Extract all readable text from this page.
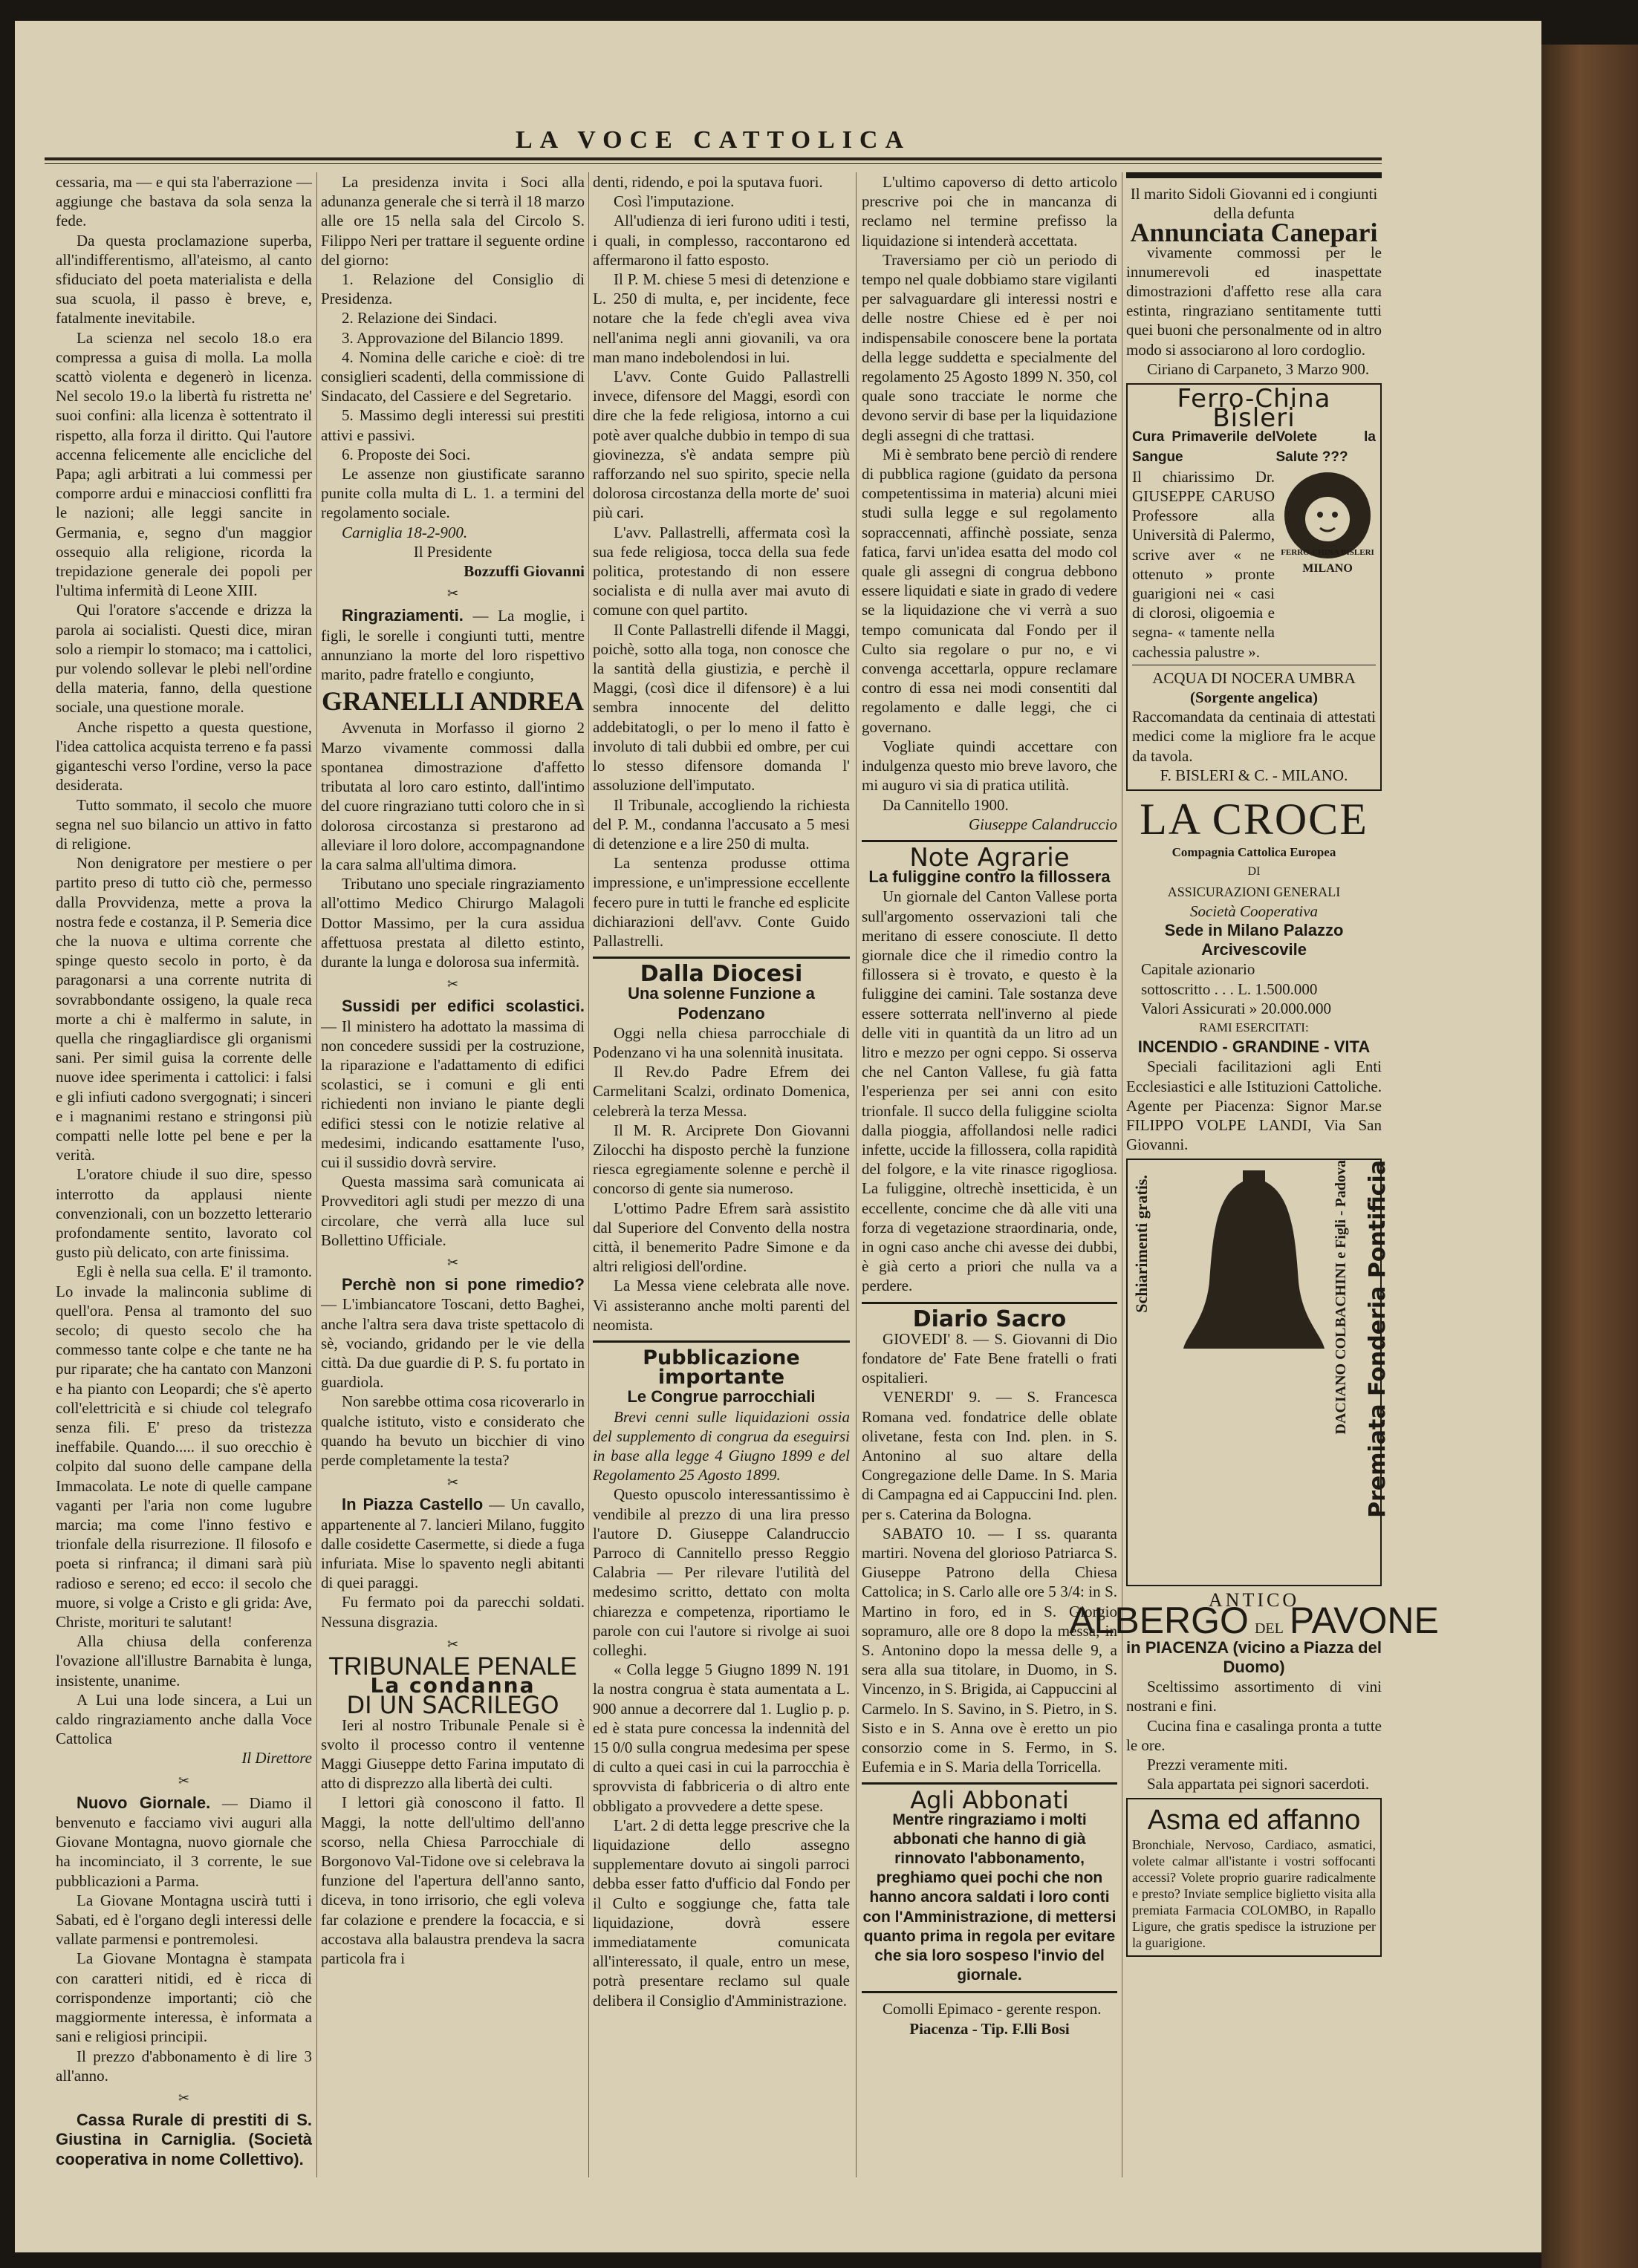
LA VOCE CATTOLICA

cessaria, ma — e qui sta l'aberrazione — aggiunge che bastava da sola senza la fede.

Da questa proclamazione superba, all'indifferentismo, all'ateismo, al canto sfiduciato del poeta materialista e della sua scuola, il passo è breve, e, fatalmente inevitabile.

La scienza nel secolo 18.o era compressa a guisa di molla. La molla scattò violenta e degenerò in licenza. Nel secolo 19.o la libertà fu ristretta ne' suoi confini: alla licenza è sottentrato il rispetto, alla forza il diritto. Qui l'autore accenna felicemente alle encicliche del Papa; agli arbitrati a lui commessi per comporre ardui e minacciosi conflitti fra le nazioni; alle leggi sancite in Germania, e, segno d'un maggior ossequio alla religione, ricorda la trepidazione generale dei popoli per l'ultima infermità di Leone XIII.

Qui l'oratore s'accende e drizza la parola ai socialisti. Questi dice, miran solo a riempir lo stomaco; ma i cattolici, pur volendo sollevar le plebi nell'ordine della materia, fanno, della questione sociale, una questione morale.

Anche rispetto a questa questione, l'idea cattolica acquista terreno e fa passi giganteschi verso l'ordine, verso la pace desiderata.

Tutto sommato, il secolo che muore segna nel suo bilancio un attivo in fatto di religione.

Non denigratore per mestiere o per partito preso di tutto ciò che, permesso dalla Provvidenza, mette a prova la nostra fede e costanza, il P. Semeria dice che la nuova e ultima corrente che spinge questo secolo in porto, è da paragonarsi a una corrente nutrita di sovrabbondante ossigeno, la quale reca morte a chi è malfermo in salute, in quella che ringagliardisce gli organismi sani. Per simil guisa la corrente delle nuove idee sperimenta i cattolici: i falsi e gli infiuti cadono svergognati; i sinceri e i magnanimi restano e stringonsi più compatti nelle lotte pel bene e per la verità.

L'oratore chiude il suo dire, spesso interrotto da applausi niente convenzionali, con un bozzetto letterario profondamente sentito, lavorato col gusto più delicato, con arte finissima.

Egli è nella sua cella. E' il tramonto. Lo invade la malinconia sublime di quell'ora. Pensa al tramonto del suo secolo; di questo secolo che ha commesso tante colpe e che tante ne ha pur riparate; che ha cantato con Manzoni e ha pianto con Leopardi; che s'è aperto coll'elettricità e si chiude col telegrafo senza fili. E' preso da tristezza ineffabile. Quando..... il suo orecchio è colpito dal suono delle campane della Immacolata. Le note di quelle campane vaganti per l'aria non come lugubre marcia; ma come l'inno festivo e trionfale della risurrezione. Il filosofo e poeta si rinfranca; il dimani sarà più radioso e sereno; ed ecco: il secolo che muore, si volge a Cristo e gli grida: Ave, Christe, morituri te salutant!

Alla chiusa della conferenza l'ovazione all'illustre Barnabita è lunga, insistente, unanime.

A Lui una lode sincera, a Lui un caldo ringraziamento anche dalla Voce Cattolica

Il Direttore

✂

Nuovo Giornale. — Diamo il benvenuto e facciamo vivi auguri alla Giovane Montagna, nuovo giornale che ha incominciato, il 3 corrente, le sue pubblicazioni a Parma.

La Giovane Montagna uscirà tutti i Sabati, ed è l'organo degli interessi delle vallate parmensi e pontremolesi.

La Giovane Montagna è stampata con caratteri nitidi, ed è ricca di corrispondenze importanti; ciò che maggiormente interessa, è informata a sani e religiosi principii.

Il prezzo d'abbonamento è di lire 3 all'anno.

✂

Cassa Rurale di prestiti di S. Giustina in Carniglia. (Società cooperativa in nome Collettivo).

La presidenza invita i Soci alla adunanza generale che si terrà il 18 marzo alle ore 15 nella sala del Circolo S. Filippo Neri per trattare il seguente ordine del giorno:

1. Relazione del Consiglio di Presidenza.

2. Relazione dei Sindaci.

3. Approvazione del Bilancio 1899.

4. Nomina delle cariche e cioè: di tre consiglieri scadenti, della commissione di Sindacato, del Cassiere e del Segretario.

5. Massimo degli interessi sui prestiti attivi e passivi.

6. Proposte dei Soci.

Le assenze non giustificate saranno punite colla multa di L. 1. a termini del regolamento sociale.

Carniglia 18-2-900.

Il Presidente

Bozzuffi Giovanni

✂

Ringraziamenti. — La moglie, i figli, le sorelle i congiunti tutti, mentre annunziano la morte del loro rispettivo marito, padre fratello e congiunto,

GRANELLI ANDREA

Avvenuta in Morfasso il giorno 2 Marzo vivamente commossi dalla spontanea dimostrazione d'affetto tributata al loro caro estinto, dall'intimo del cuore ringraziano tutti coloro che in sì dolorosa circostanza si prestarono ad alleviare il loro dolore, accompagnandone la cara salma all'ultima dimora.

Tributano uno speciale ringraziamento all'ottimo Medico Chirurgo Malagoli Dottor Massimo, per la cura assidua affettuosa prestata al diletto estinto, durante la lunga e dolorosa sua infermità.

✂

Sussidi per edifici scolastici. — Il ministero ha adottato la massima di non concedere sussidi per la costruzione, la riparazione e l'adattamento di edifici scolastici, se i comuni e gli enti richiedenti non inviano le piante degli edifici stessi con le notizie relative al medesimi, indicando esattamente l'uso, cui il sussidio dovrà servire.

Questa massima sarà comunicata ai Provveditori agli studi per mezzo di una circolare, che verrà alla luce sul Bollettino Ufficiale.

✂

Perchè non si pone rimedio? — L'imbiancatore Toscani, detto Baghei, anche l'altra sera dava triste spettacolo di sè, vociando, gridando per le vie della città. Da due guardie di P. S. fu portato in guardiola.

Non sarebbe ottima cosa ricoverarlo in qualche istituto, visto e considerato che quando ha bevuto un bicchier di vino perde completamente la testa?

✂

In Piazza Castello — Un cavallo, appartenente al 7. lancieri Milano, fuggito dalle cosidette Casermette, si diede a fuga infuriata. Mise lo spavento negli abitanti di quei paraggi.

Fu fermato poi da parecchi soldati. Nessuna disgrazia.

✂

TRIBUNALE PENALE

La condanna

DI UN SACRILEGO

Ieri al nostro Tribunale Penale si è svolto il processo contro il ventenne Maggi Giuseppe detto Farina imputato di atto di disprezzo alla libertà dei culti.

I lettori già conoscono il fatto. Il Maggi, la notte dell'ultimo dell'anno scorso, nella Chiesa Parrocchiale di Borgonovo Val-Tidone ove si celebrava la funzione del l'apertura dell'anno santo, diceva, in tono irrisorio, che egli voleva far colazione e prendere la focaccia, e si accostava alla balaustra prendeva la sacra particola fra i

denti, ridendo, e poi la sputava fuori.

Così l'imputazione.

All'udienza di ieri furono uditi i testi, i quali, in complesso, raccontarono ed affermarono il fatto esposto.

Il P. M. chiese 5 mesi di detenzione e L. 250 di multa, e, per incidente, fece notare che la fede ch'egli avea viva nell'anima negli anni giovanili, va ora man mano indebolendosi in lui.

L'avv. Conte Guido Pallastrelli invece, difensore del Maggi, esordì con dire che la fede religiosa, intorno a cui potè aver qualche dubbio in tempo di sua giovinezza, s'è andata sempre più rafforzando nel suo spirito, specie nella dolorosa circostanza della morte de' suoi più cari.

L'avv. Pallastrelli, affermata così la sua fede religiosa, tocca della sua fede politica, protestando di non essere socialista e di nulla aver mai avuto di comune con quel partito.

Il Conte Pallastrelli difende il Maggi, poichè, sotto alla toga, non conosce che la santità della giustizia, e perchè il Maggi, (così dice il difensore) è a lui sembra innocente del delitto addebitatogli, o per lo meno il fatto è involuto di tali dubbii ed ombre, per cui lo stesso difensore domanda l' assoluzione dell'imputato.

Il Tribunale, accogliendo la richiesta del P. M., condanna l'accusato a 5 mesi di detenzione e a lire 250 di multa.

La sentenza produsse ottima impressione, e un'impressione eccellente fecero pure in tutti le franche ed esplicite dichiarazioni dell'avv. Conte Guido Pallastrelli.

Dalla Diocesi

Una solenne Funzione a Podenzano

Oggi nella chiesa parrocchiale di Podenzano vi ha una solennità inusitata.

Il Rev.do Padre Efrem dei Carmelitani Scalzi, ordinato Domenica, celebrerà la terza Messa.

Il M. R. Arciprete Don Giovanni Zilocchi ha disposto perchè la funzione riesca egregiamente solenne e perchè il concorso di gente sia numeroso.

L'ottimo Padre Efrem sarà assistito dal Superiore del Convento della nostra città, il benemerito Padre Simone e da altri religiosi dell'ordine.

La Messa viene celebrata alle nove. Vi assisteranno anche molti parenti del neomista.

Pubblicazione importante

Le Congrue parrocchiali

Brevi cenni sulle liquidazioni ossia del supplemento di congrua da eseguirsi in base alla legge 4 Giugno 1899 e del Regolamento 25 Agosto 1899.

Questo opuscolo interessantissimo è vendibile al prezzo di una lira presso l'autore D. Giuseppe Calandruccio Parroco di Cannitello presso Reggio Calabria — Per rilevare l'utilità del medesimo scritto, dettato con molta chiarezza e competenza, riportiamo le parole con cui l'autore si rivolge ai suoi colleghi.

« Colla legge 5 Giugno 1899 N. 191 la nostra congrua è stata aumentata a L. 900 annue a decorrere dal 1. Luglio p. p. ed è stata pure concessa la indennità del 15 0/0 sulla congrua medesima per spese di culto a quei casi in cui la parrocchia è sprovvista di fabbriceria o di altro ente obbligato a provvedere a dette spese.

L'art. 2 di detta legge prescrive che la liquidazione dello assegno supplementare dovuto ai singoli parroci debba esser fatto d'ufficio dal Fondo per il Culto e soggiunge che, fatta tale liquidazione, dovrà essere immediatamente comunicata all'interessato, il quale, entro un mese, potrà presentare reclamo sul quale delibera il Consiglio d'Amministrazione.

L'ultimo capoverso di detto articolo prescrive poi che in mancanza di reclamo nel termine prefisso la liquidazione si intenderà accettata.

Traversiamo per ciò un periodo di tempo nel quale dobbiamo stare vigilanti per salvaguardare gli interessi nostri e delle nostre Chiese ed è per noi indispensabile conoscere bene la portata della legge suddetta e specialmente del regolamento 25 Agosto 1899 N. 350, col quale sono tracciate le norme che devono servir di base per la liquidazione degli assegni di che trattasi.

Mi è sembrato bene perciò di rendere di pubblica ragione (guidato da persona competentissima in materia) alcuni miei studi sulla legge e sul regolamento sopraccennati, affinchè possiate, senza fatica, farvi un'idea esatta del modo col quale gli assegni di congrua debbono essere liquidati e siate in grado di vedere se la liquidazione che vi verrà a suo tempo comunicata dal Fondo per il Culto sia regolare o pur no, e vi convenga accettarla, oppure reclamare contro di essa nei modi consentiti dal regolamento e dalle leggi, che ci governano.

Vogliate quindi accettare con indulgenza questo mio breve lavoro, che mi auguro vi sia di pratica utilità.

Da Cannitello 1900.

Giuseppe Calandruccio

Note Agrarie

La fuliggine contro la fillossera

Un giornale del Canton Vallese porta sull'argomento osservazioni tali che meritano di essere conosciute. Il detto giornale dice che il rimedio contro la fillossera si è trovato, e questo è la fuliggine dei camini. Tale sostanza deve essere sotterrata nell'inverno al piede delle viti in quantità da un litro ad un litro e mezzo per ogni ceppo. Si osserva che nel Canton Vallese, fu già fatta l'esperienza per sei anni con esito trionfale. Il succo della fuliggine sciolta dalla pioggia, affollandosi nelle radici infette, uccide la fillossera, colla rapidità del folgore, e la vite rinasce rigogliosa. La fuliggine, oltrechè insetticida, è un eccellente, concime che dà alle viti una forza di vegetazione straordinaria, onde, in ogni caso anche chi avesse dei dubbi, è già certo a priori che nulla va a perdere.

Diario Sacro

GIOVEDI' 8. — S. Giovanni di Dio fondatore de' Fate Bene fratelli o frati ospitalieri.

VENERDI' 9. — S. Francesca Romana ved. fondatrice delle oblate olivetane, festa con Ind. plen. in S. Antonino al suo altare della Congregazione delle Dame. In S. Maria di Campagna ed ai Cappuccini Ind. plen. per s. Caterina da Bologna.

SABATO 10. — I ss. quaranta martiri. Novena del glorioso Patriarca S. Giuseppe Patrono della Chiesa Cattolica; in S. Carlo alle ore 5 3/4: in S. Martino in foro, ed in S. Giorgio sopramuro, alle ore 8 dopo la messa, in S. Antonino dopo la messa delle 9, a sera alla sua titolare, in Duomo, in S. Vincenzo, in S. Brigida, ai Cappuccini al Carmelo. In S. Savino, in S. Pietro, in S. Sisto e in S. Anna ove è eretto un pio consorzio come in S. Fermo, in S. Eufemia e in S. Maria della Torricella.

Agli Abbonati

Mentre ringraziamo i molti abbonati che hanno di già rinnovato l'abbonamento, preghiamo quei pochi che non hanno ancora saldati i loro conti con l'Amministrazione, di mettersi quanto prima in regola per evitare che sia loro sospeso l'invio del giornale.

Comolli Epimaco - gerente respon.

Piacenza - Tip. F.lli Bosi

Il marito Sidoli Giovanni ed i congiunti della defunta

Annunciata Canepari

vivamente commossi per le innumerevoli ed inaspettate dimostrazioni d'affetto rese alla cara estinta, ringraziano sentitamente tutti quei buoni che personalmente od in altro modo si associarono al loro cordoglio.

Ciriano di Carpaneto, 3 Marzo 900.

Ferro-China Bisleri
Cura Primaverile del Sangue
Volete la Salute ???
Il chiarissimo Dr. GIUSEPPE CARUSO Professore alla Università di Palermo, scrive aver « ne ottenuto » pronte guarigioni nei « casi di clorosi, oligoemia e segna- « tamente nella cachessia palustre ».
FERRO-CHINA BISLERI
MILANO
ACQUA DI NOCERA UMBRA
(Sorgente angelica)
Raccomandata da centinaia di attestati medici come la migliore fra le acque da tavola.
F. BISLERI & C. - MILANO.
LA CROCE
Compagnia Cattolica Europea
DI
ASSICURAZIONI GENERALI
Società Cooperativa
Sede in Milano Palazzo Arcivescovile
Capitale azionario
sottoscritto . . . L. 1.500.000
Valori Assicurati » 20.000.000
RAMI ESERCITATI:
INCENDIO - GRANDINE - VITA

Speciali facilitazioni agli Enti Ecclesiastici e alle Istituzioni Cattoliche. Agente per Piacenza: Signor Mar.se FILIPPO VOLPE LANDI, Via San Giovanni.

Premiata Fonderia Pontificia
DACIANO COLBACHINI e Figli - Padova
Schiarimenti gratis.
ANTICO
ALBERGO DEL PAVONE
in PIACENZA (vicino a Piazza del Duomo)

Sceltissimo assortimento di vini nostrani e fini.

Cucina fina e casalinga pronta a tutte le ore.

Prezzi veramente miti.

Sala appartata pei signori sacerdoti.

Asma ed affanno
Bronchiale, Nervoso, Cardiaco, asmatici, volete calmar all'istante i vostri soffocanti accessi? Volete proprio guarire radicalmente e presto? Inviate semplice biglietto visita alla premiata Farmacia COLOMBO, in Rapallo Ligure, che gratis spedisce la istruzione per la guarigione.
